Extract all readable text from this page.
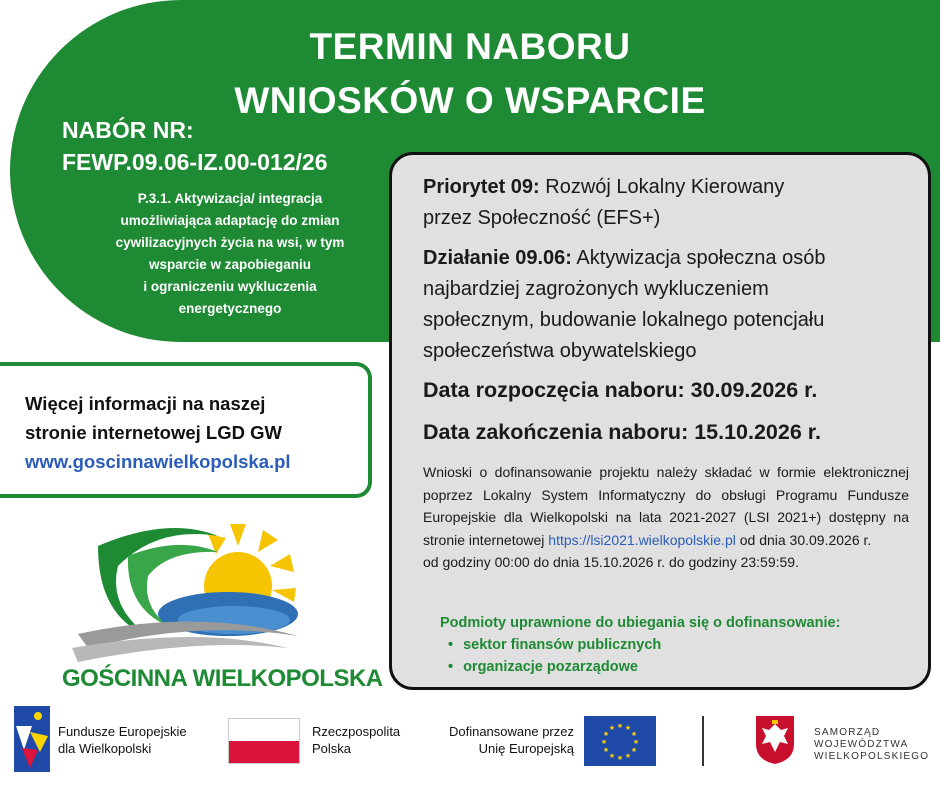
TERMIN NABORU
WNIOSKÓW O WSPARCIE
NABÓR NR:
FEWP.09.06-IZ.00-012/26
P.3.1. Aktywizacja/ integracja
umożliwiająca adaptację do zmian
cywilizacyjnych życia na wsi, w tym
wsparcie w zapobieganiu
i ograniczeniu wykluczenia
energetycznego
Więcej informacji na naszej
stronie internetowej LGD GW
www.goscinnawielkopolska.pl
Priorytet 09: Rozwój Lokalny Kierowany
przez Społeczność (EFS+)
Działanie 09.06: Aktywizacja społeczna osób
najbardziej zagrożonych wykluczeniem
społecznym, budowanie lokalnego potencjału
społeczeństwa obywatelskiego
Data rozpoczęcia naboru: 30.09.2026 r.
Data zakończenia naboru: 15.10.2026 r.
Wnioski o dofinansowanie projektu należy składać w formie elektronicznej poprzez Lokalny System Informatyczny do obsługi Programu Fundusze Europejskie dla Wielkopolski na lata 2021-2027 (LSI 2021+) dostępny na stronie internetowej https://lsi2021.wielkopolskie.pl od dnia 30.09.2026 r.
od godziny 00:00 do dnia 15.10.2026 r. do godziny 23:59:59.
Podmioty uprawnione do ubiegania się o dofinansowanie:
• sektor finansów publicznych
• organizacje pozarządowe
GOŚCINNA WIELKOPOLSKA
Fundusze Europejskie
dla Wielkopolski
Rzeczpospolita
Polska
Dofinansowane przez
Unię Europejską
★ ★
★
★
★
★
★
★
★
★
★
★	SAMORZĄD
WOJEWÓDZTWA
WIELKOPOLSKIEGO
